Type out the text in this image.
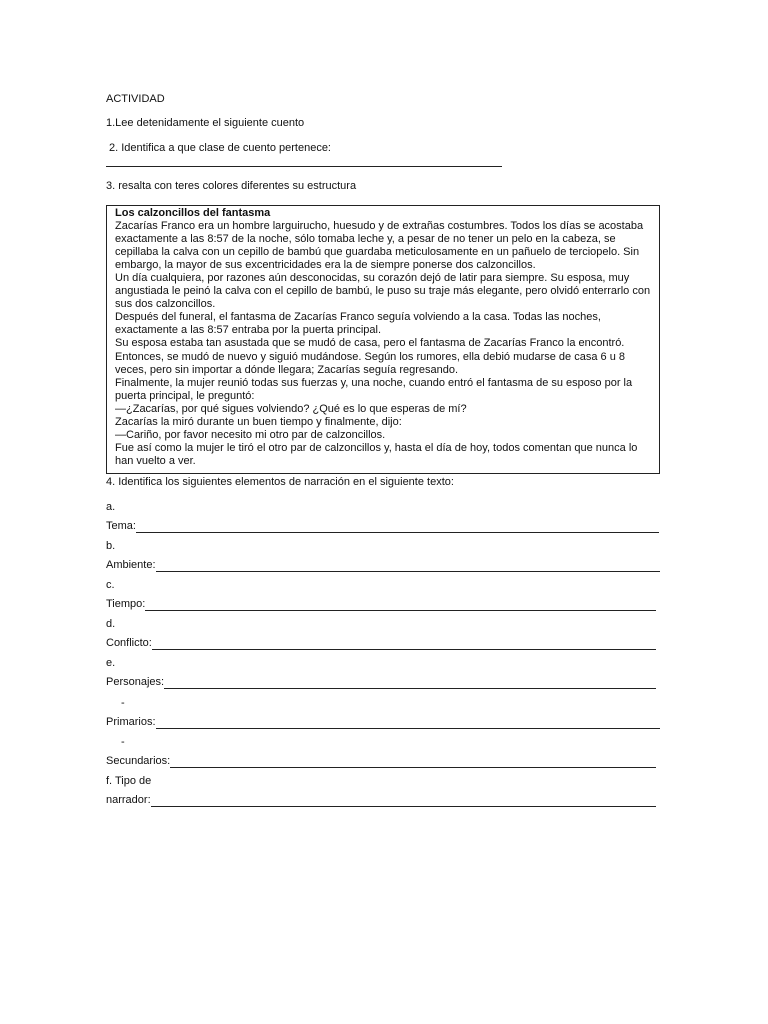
ACTIVIDAD
1.Lee detenidamente el siguiente cuento
2. Identifica a que clase de cuento pertenece:
3. resalta con teres colores diferentes su estructura

Los calzoncillos del fantasma

Zacarías Franco era un hombre larguirucho, huesudo y de extrañas costumbres. Todos los días se acostaba exactamente a las 8:57 de la noche, sólo tomaba leche y, a pesar de no tener un pelo en la cabeza, se cepillaba la calva con un cepillo de bambú que guardaba meticulosamente en un pañuelo de terciopelo. Sin embargo, la mayor de sus excentricidades era la de siempre ponerse dos calzoncillos.

Un día cualquiera, por razones aún desconocidas, su corazón dejó de latir para siempre. Su esposa, muy angustiada le peinó la calva con el cepillo de bambú, le puso su traje más elegante, pero olvidó enterrarlo con sus dos calzoncillos.

Después del funeral, el fantasma de Zacarías Franco seguía volviendo a la casa. Todas las noches, exactamente a las 8:57 entraba por la puerta principal.

Su esposa estaba tan asustada que se mudó de casa, pero el fantasma de Zacarías Franco la encontró. Entonces, se mudó de nuevo y siguió mudándose. Según los rumores, ella debió mudarse de casa 6 u 8 veces, pero sin importar a dónde llegara; Zacarías seguía regresando.

Finalmente, la mujer reunió todas sus fuerzas y, una noche, cuando entró el fantasma de su esposo por la puerta principal, le preguntó:

—¿Zacarías, por qué sigues volviendo? ¿Qué es lo que esperas de mí?

Zacarías la miró durante un buen tiempo y finalmente, dijo:

—Cariño, por favor necesito mi otro par de calzoncillos.

Fue así como la mujer le tiró el otro par de calzoncillos y, hasta el día de hoy, todos comentan que nunca lo han vuelto a ver.

4. Identifica los siguientes elementos de narración en el siguiente texto:
a.
Tema:
b.
Ambiente:
c.
Tiempo:
d.
Conflicto:
e.
Personajes:
-
Primarios:
-
Secundarios:
f. Tipo de
narrador:
